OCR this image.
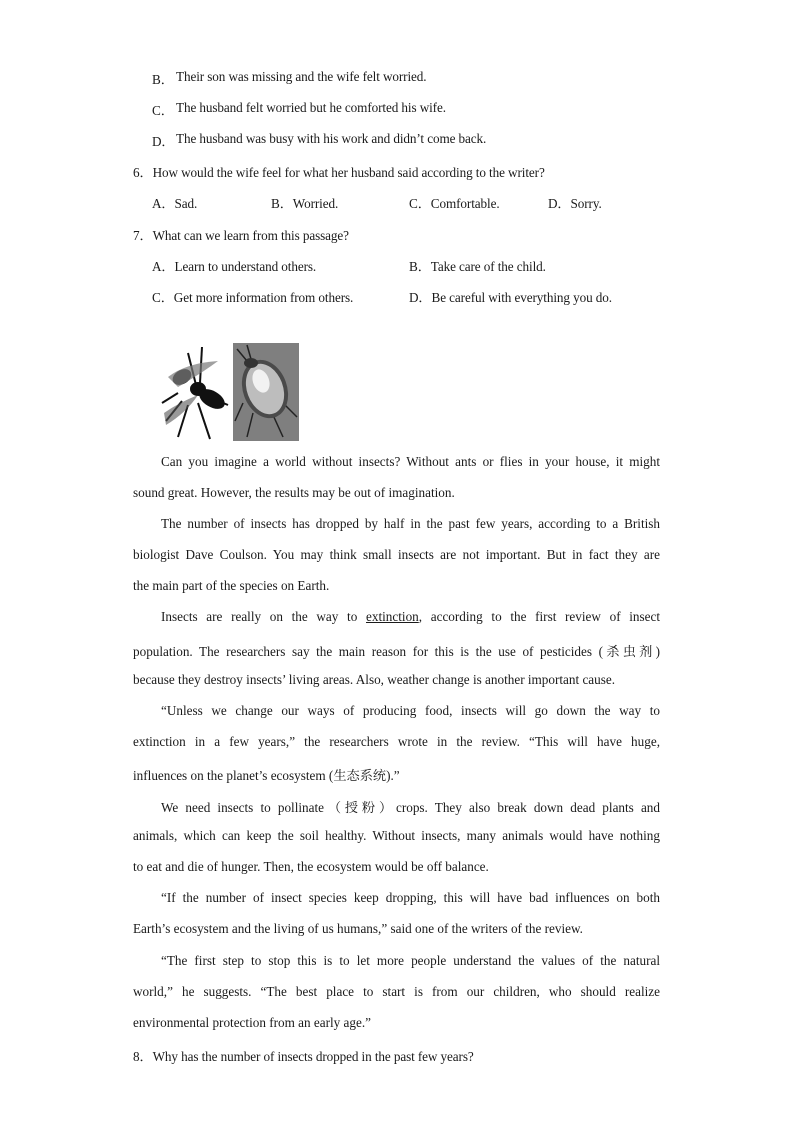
B． Their son was missing and the wife felt worried.
C． The husband felt worried but he comforted his wife.
D． The husband was busy with his work and didn’t come back.
6．How would the wife feel for what her husband said according to the writer?
A．Sad.	B．Worried.	C．Comfortable.	D．Sorry.
7．What can we learn from this passage?
A．Learn to understand others.	B．Take care of the child.
C．Get more information from others.	D．Be careful with everything you do.
Can you imagine a world without insects? Without ants or flies in your house, it might
sound great. However, the results may be out of imagination.
The number of insects has dropped by half in the past few years, according to a British
biologist Dave Coulson. You may think small insects are not important. But in fact they are
the main part of the species on Earth.
Insects are really on the way to extinction, according to the first review of insect
population. The researchers say the main reason for this is the use of pesticides (杀虫剂)
because they destroy insects’ living areas. Also, weather change is another important cause.
“Unless we change our ways of producing food, insects will go down the way to
extinction in a few years,” the researchers wrote in the review. “This will have huge,
influences on the planet’s ecosystem (生态系统).”
We need insects to pollinate（授粉）crops. They also break down dead plants and
animals, which can keep the soil healthy. Without insects, many animals would have nothing
to eat and die of hunger. Then, the ecosystem would be off balance.
“If the number of insect species keep dropping, this will have bad influences on both
Earth’s ecosystem and the living of us humans,” said one of the writers of the review.
“The first step to stop this is to let more people understand the values of the natural
world,” he suggests. “The best place to start is from our children, who should realize
environmental protection from an early age.”
8．Why has the number of insects dropped in the past few years?
